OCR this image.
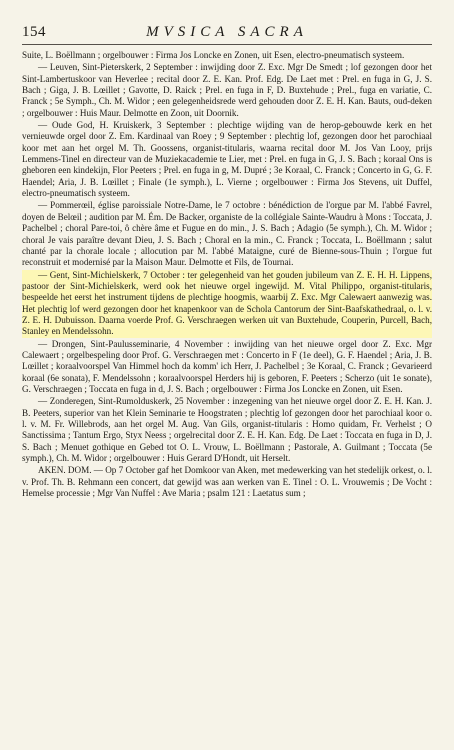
154	MVSICA SACRA

Suite, L. Boëllmann ; orgelbouwer : Firma Jos Loncke en Zonen, uit Esen, electro-pneumatisch systeem.

— Leuven, Sint-Pieterskerk, 2 September : inwijding door Z. Exc. Mgr De Smedt ; lof gezongen door het Sint-Lambertuskoor van Heverlee ; recital door Z. E. Kan. Prof. Edg. De Laet met : Prel. en fuga in G, J. S. Bach ; Giga, J. B. Lœillet ; Gavotte, D. Raick ; Prel. en fuga in F, D. Buxtehude ; Prel., fuga en variatie, C. Franck ; 5e Symph., Ch. M. Widor ; een gelegenheidsrede werd gehouden door Z. E. H. Kan. Bauts, oud-deken ; orgelbouwer : Huis Maur. Delmotte en Zoon, uit Doornik.

— Oude God, H. Kruiskerk, 3 September : plechtige wijding van de herop-gebouwde kerk en het vernieuwde orgel door Z. Em. Kardinaal van Roey ; 9 September : plechtig lof, gezongen door het parochiaal koor met aan het orgel M. Th. Goossens, organist-titularis, waarna recital door M. Jos Van Looy, prijs Lemmens-Tinel en directeur van de Muziekacademie te Lier, met : Prel. en fuga in G, J. S. Bach ; koraal Ons is gheboren een kindekijn, Flor Peeters ; Prel. en fuga in g, M. Dupré ; 3e Koraal, C. Franck ; Concerto in G, G. F. Haendel; Aria, J. B. Lœillet ; Finale (1e symph.), L. Vierne ; orgelbouwer : Firma Jos Stevens, uit Duffel, electro-pneumatisch systeem.

— Pommerœil, église paroissiale Notre-Dame, le 7 octobre : bénédiction de l'orgue par M. l'abbé Favrel, doyen de Belœil ; audition par M. Ém. De Backer, organiste de la collégiale Sainte-Waudru à Mons : Toccata, J. Pachelbel ; choral Pare-toi, ô chère âme et Fugue en do min., J. S. Bach ; Adagio (5e symph.), Ch. M. Widor ; choral Je vais paraître devant Dieu, J. S. Bach ; Choral en la min., C. Franck ; Toccata, L. Boëllmann ; salut chanté par la chorale locale ; allocution par M. l'abbé Mataigne, curé de Bienne-sous-Thuin ; l'orgue fut reconstruit et modernisé par la Maison Maur. Delmotte et Fils, de Tournai.

— Gent, Sint-Michielskerk, 7 October : ter gelegenheid van het gouden jubileum van Z. E. H. H. Lippens, pastoor der Sint-Michielskerk, werd ook het nieuwe orgel ingewijd. M. Vital Philippo, organist-titularis, bespeelde het eerst het instrument tijdens de plechtige hoogmis, waarbij Z. Exc. Mgr Calewaert aanwezig was. Het plechtig lof werd gezongen door het knapenkoor van de Schola Cantorum der Sint-Baafskathedraal, o. l. v. Z. E. H. Dubuisson. Daarna voerde Prof. G. Verschraegen werken uit van Buxtehude, Couperin, Purcell, Bach, Stanley en Mendelssohn.

— Drongen, Sint-Paulusseminarie, 4 November : inwijding van het nieuwe orgel door Z. Exc. Mgr Calewaert ; orgelbespeling door Prof. G. Verschraegen met : Concerto in F (1e deel), G. F. Haendel ; Aria, J. B. Lœillet ; koraalvoorspel Van Himmel hoch da komm' ich Herr, J. Pachelbel ; 3e Koraal, C. Franck ; Gevarieerd koraal (6e sonata), F. Mendelssohn ; koraalvoorspel Herders hij is geboren, F. Peeters ; Scherzo (uit 1e sonate), G. Verschraegen ; Toccata en fuga in d, J. S. Bach ; orgelbouwer : Firma Jos Loncke en Zonen, uit Esen.

— Zonderegen, Sint-Rumolduskerk, 25 November : inzegening van het nieuwe orgel door Z. E. H. Kan. J. B. Peeters, superior van het Klein Seminarie te Hoogstraten ; plechtig lof gezongen door het parochiaal koor o. l. v. M. Fr. Willebrods, aan het orgel M. Aug. Van Gils, organist-titularis : Homo quidam, Fr. Verhelst ; O Sanctissima ; Tantum Ergo, Styx Neess ; orgelrecital door Z. E. H. Kan. Edg. De Laet : Toccata en fuga in D, J. S. Bach ; Menuet gothique en Gebed tot O. L. Vrouw, L. Boëllmann ; Pastorale, A. Guilmant ; Toccata (5e symph.), Ch. M. Widor ; orgelbouwer : Huis Gerard D'Hondt, uit Herselt.

AKEN. DOM. — Op 7 October gaf het Domkoor van Aken, met medewerking van het stedelijk orkest, o. l. v. Prof. Th. B. Rehmann een concert, dat gewijd was aan werken van E. Tinel : O. L. Vrouwemis ; De Vocht : Hemelse processie ; Mgr Van Nuffel : Ave Maria ; psalm 121 : Laetatus sum ;
